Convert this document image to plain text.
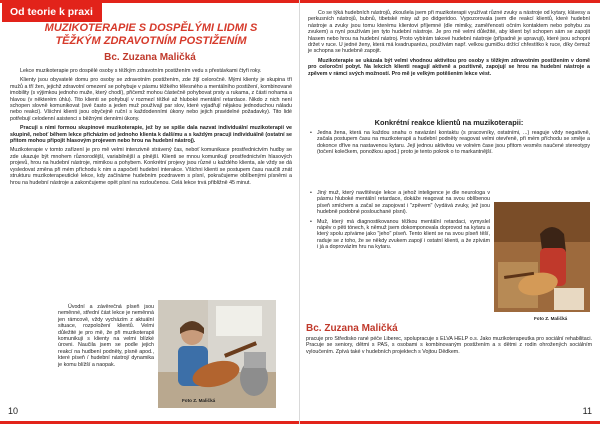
Od teorie k praxi
MUZIKOTERAPIE S DOSPĚLÝMI LIDMI S TĚŽKÝM ZDRAVOTNÍM POSTIŽENÍM
Bc. Zuzana Maličká

Lekce muzikoterapie pro dospělé osoby s těžkým zdravotním postižením vedu s přestávkami čtyři roky.

Klienty jsou obyvatelé domu pro osoby se zdravotním postižením, zde žijí celoročně. Mými klienty je skupina tří mužů a tří žen, jejichž zdravotní omezení se pohybuje v pásmu těžkého tělesného a mentálního postižení, kombinované imobility (s výjimkou jednoho muže, který chodí), přičemž mohou částečně pohybovat prsty a rukama, z části nohama a hlavou (v některém úhlu). Tito klienti se pohybují v rozmezí těžké až hluboké mentální retardace. Nikdo z nich není schopen slovně komunikovat (své často a jeden muž používají par slov, které vyjadřují nějakou jednoduchou náladu nebo reakci). Všichni klienti jsou obyčejně ruční s každodenními úkony nebo jejich pravidelné požadavky). Tito lidé potřebují celodenní asistenci s běžnými denními úkony.

Pracuji s nimi formou skupinové muzikoterapie, jež by se spíše dala nazvat individuální muzikoterapií ve skupině, neboť během lekce přicházím od jednoho klienta k dalšímu a s každým pracuji individuálně (ostatní se přitom mohou připojit hlasovým projevem nebo hrou na hudební nástroj).

Muzikoterapie v tomto zařízení je pro mě velmi intenzivně strávený čas, neboť komunikace prostřednictvím hudby se zde ukazuje být mnohem různorodější, variabilnější a plnější. Klienti se mnou komunikují prostřednictvím hlasových projevů, hrou na hudební nástroje, mimikou a pohybem. Konkrétní projevy jsou různé u každého klienta, ale vždy se dá vysledovat změna při mém příchodu k nim a započetí hudební interakce. Všichni klienti se postupem času naučili znát strukturu muzikoterapeutické lekce, kdy začínáme hudebním pozdravem s písní, pokračujeme oblíbenými písněmi a hrou na hudební nástroje a zakončujeme opět písní na rozloučenou. Celá lekce trvá přibližně 45 minut.

Úvodní a závěrečná píseň jsou neměnné, střední část lekce je neměnná jen rámcově, vždy vycházím z aktuální situace, rozpoložení klientů. Velmi důležité je pro mě, že při muzikoterapii komunikuji s klienty na velmi blízké úrovni. Naučila jsem se podle jejich reakcí na hudbení podněty, písně apod., které píseň / hudební nástroj/ dynamika je komu blížší a naopak.

Foto Z. Maličká
10

Co se týká hudebních nástrojů, zkoušela jsem při muzikoterapii využívat různé zvuky a nástroje od kytary, klávesy a perkusních nástrojů, bubnů, tibetské misy až po didgeridoo. Vypozorovala jsem dle reakcí klientů, které hudební nástroje a zvuky jsou tomu kterému klientovi příjemné (dle mimiky, zaměřenosti očním kontaktem nebo pohybu za zvukem) a nyní používám jen tyto hudební nástroje. Je pro mě velmi důležité, aby klient byl schopen sám se zapojit hlasem nebo hrou na hudební nástroj. Proto vybírám takové hudební nástroje (případně je upravuji), které jsou schopni držet v ruce. U jedné ženy, která má kvadruparézu, používám např. velkou gumičku držící chřestítko k ruce, díky čemuž je schopna se hudebně zapojit.

Muzikoterapie se ukázala být velmi vhodnou aktivitou pro osoby s těžkým zdravotním postižením v domě pro celoroční pobyt. Na lekcích klienti reagují aktivně a pozitivně, zapojují se hrou na hudební nástroje a zpěvem v rámci svých možností. Pro mě je velkým potěšením lekce vést.

Konkrétní reakce klientů na muzikoterapii:
• Jedna žena, která na každou snahu o navázání kontaktu (s pracovníky, ostatními, ...) reaguje vždy negativně, začala postupem času na muzikoterapii a hudební podněty reagovat velmi otevřeně, při mém příchodu se směje a dokonce dříve na nastavenou kytaru. Její jednou aktivitou ve volném čase jsou přitom vesměs naučené stereotypy (točení kolečkem, ponožkou apod.) proto je tento pokrok o to markantnější.
• Jiný muž, který navštěvuje lekce a jehož inteligence je dle neurologa v pásmu hluboké mentální retardace, dokáže reagovat na svou oblíbenou píseň smíchem a začal se zapojovat i "zpěvem" (vydává zvuky, jež jsou hudebně podobné poslouchané písni).
• Muž, který má diagnostikovanou těžkou mentální retardaci, vymyslel nápěv o pěti tónech, k němuž jsem dokomponovala doprovod na kytaru a který spolu zpíváme jako "jeho" píseň. Tento klient se na svou píseň těší, raduje se z toho, že se někdy zvukem zapojí i ostatní klienti, a že zpívám i já a doprovázím hru na kytaru.
Foto Z. Maličká
Bc. Zuzana Maličká

pracuje pro Středisko rané péče Liberec, spolupracuje s ELVA HELP o.s. Jako muzikoterapeutka pro sociální rehabilitaci. Pracuje se seniory, dětmi s PAS, s osobami s kombinovaným postižením a s dětmi z rodin ohrožených sociálním vyloučením. Zpívá také v hudebních projektech s Vojtou Dědkem.

11
